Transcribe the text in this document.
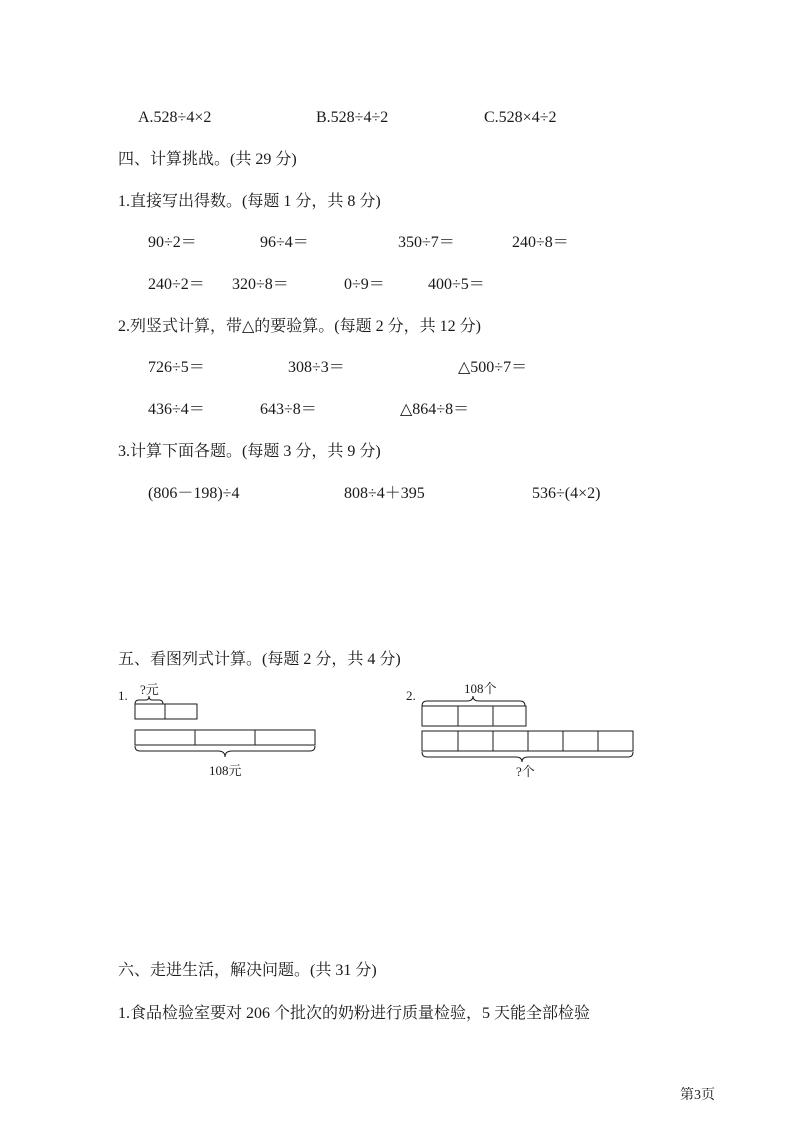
A.528÷4×2	B.528÷4÷2	C.528×4÷2
四、计算挑战。(共 29 分)
1.直接写出得数。(每题 1 分，共 8 分)
90÷2＝	96÷4＝	350÷7＝	240÷8＝
240÷2＝ 320÷8＝	0÷9＝	400÷5＝
2.列竖式计算，带△的要验算。(每题 2 分，共 12 分)
726÷5＝	308÷3＝	△500÷7＝
436÷4＝	643÷8＝	△864÷8＝
3.计算下面各题。(每题 3 分，共 9 分)
(806－198)÷4	808÷4＋395	536÷(4×2)
五、看图列式计算。(每题 2 分，共 4 分)
1. ?元
108元
2.	108个
?个
六、走进生活，解决问题。(共 31 分)
1.食品检验室要对 206 个批次的奶粉进行质量检验，5 天能全部检验
第3页
